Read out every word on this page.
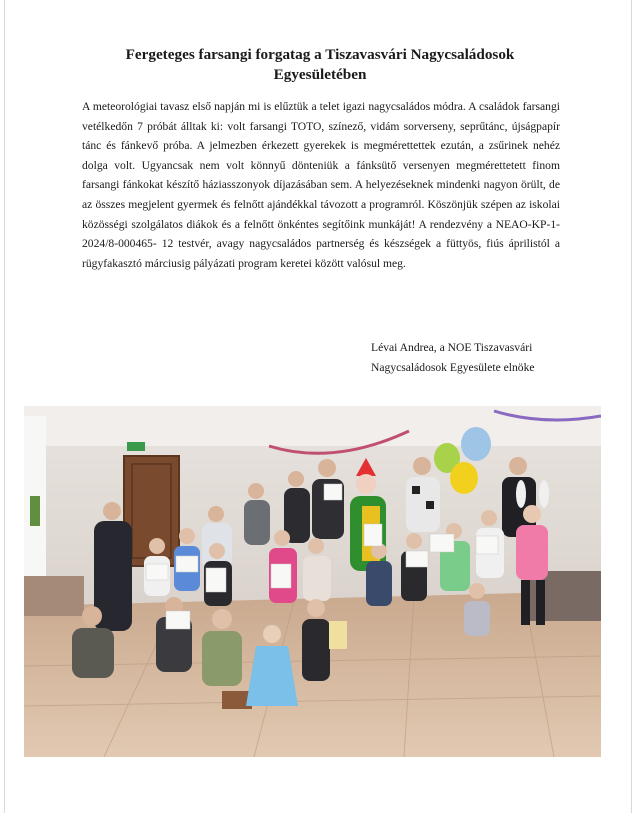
Fergeteges farsangi forgatag a Tiszavasvári Nagycsaládosok Egyesületében

A meteorológiai tavasz első napján mi is elűztük a telet igazi nagycsaládos módra. A családok farsangi vetélkedőn 7 próbát álltak ki: volt farsangi TOTO, színező, vidám sorverseny, seprűtánc, újságpapír tánc és fánkevő próba. A jelmezben érkezett gyerekek is megmérettettek ezután, a zsűrinek nehéz dolga volt. Ugyancsak nem volt könnyű dönteniük a fánksütő versenyen megmérettetett finom farsangi fánkokat készítő háziasszonyok díjazásában sem. A helyezéseknek mindenki nagyon örült, de az összes megjelent gyermek és felnőtt ajándékkal távozott a programról. Köszönjük szépen az iskolai közösségi szolgálatos diákok és a felnőtt önkéntes segítőink munkáját! A rendezvény a NEAO-KP-1-2024/8-000465- 12 testvér, avagy nagycsaládos partnerség és készségek a füttyös, fiús áprilistól a rügyfakasztó márciusig pályázati program keretei között valósul meg.

Lévai Andrea, a NOE Tiszavasvári
Nagycsaládosok Egyesülete elnöke
